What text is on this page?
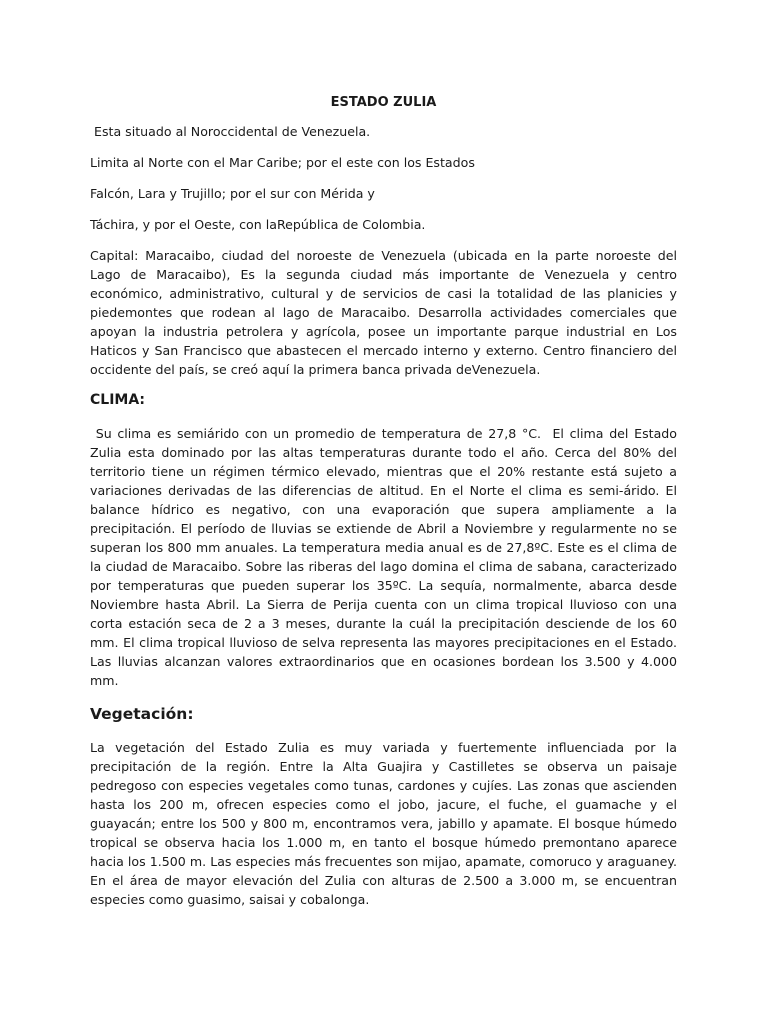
ESTADO ZULIA
Esta situado al Noroccidental de Venezuela.
Limita al Norte con el Mar Caribe; por el este con los Estados
Falcón, Lara y Trujillo; por el sur con Mérida y
Táchira, y por el Oeste, con laRepública de Colombia.

Capital: Maracaibo, ciudad del noroeste de Venezuela (ubicada en la parte noroeste del Lago de Maracaibo), Es la segunda ciudad más importante de Venezuela y centro económico, administrativo, cultural y de servicios de casi la totalidad de las planicies y piedemontes que rodean al lago de Maracaibo. Desarrolla actividades comerciales que apoyan la industria petrolera y agrícola, posee un importante parque industrial en Los Haticos y San Francisco que abastecen el mercado interno y externo. Centro financiero del occidente del país, se creó aquí la primera banca privada deVenezuela.

CLIMA:

Su clima es semiárido con un promedio de temperatura de 27,8 °C.  El clima del Estado Zulia esta dominado por las altas temperaturas durante todo el año. Cerca del 80% del territorio tiene un régimen térmico elevado, mientras que el 20% restante está sujeto a variaciones derivadas de las diferencias de altitud. En el Norte el clima es semi-árido. El balance hídrico es negativo, con una evaporación que supera ampliamente a la precipitación. El período de lluvias se extiende de Abril a Noviembre y regularmente no se superan los 800 mm anuales. La temperatura media anual es de 27,8ºC. Este es el clima de la ciudad de Maracaibo. Sobre las riberas del lago domina el clima de sabana, caracterizado por temperaturas que pueden superar los 35ºC. La sequía, normalmente, abarca desde Noviembre hasta Abril. La Sierra de Perija cuenta con un clima tropical lluvioso con una corta estación seca de 2 a 3 meses, durante la cuál la precipitación desciende de los 60 mm. El clima tropical lluvioso de selva representa las mayores precipitaciones en el Estado. Las lluvias alcanzan valores extraordinarios que en ocasiones bordean los 3.500 y 4.000 mm.

Vegetación:

La vegetación del Estado Zulia es muy variada y fuertemente influenciada por la precipitación de la región. Entre la Alta Guajira y Castilletes se observa un paisaje pedregoso con especies vegetales como tunas, cardones y cujíes. Las zonas que ascienden hasta los 200 m, ofrecen especies como el jobo, jacure, el fuche, el guamache y el guayacán; entre los 500 y 800 m, encontramos vera, jabillo y apamate. El bosque húmedo tropical se observa hacia los 1.000 m, en tanto el bosque húmedo premontano aparece hacia los 1.500 m. Las especies más frecuentes son mijao, apamate, comoruco y araguaney. En el área de mayor elevación del Zulia con alturas de 2.500 a 3.000 m, se encuentran especies como guasimo, saisai y cobalonga.
